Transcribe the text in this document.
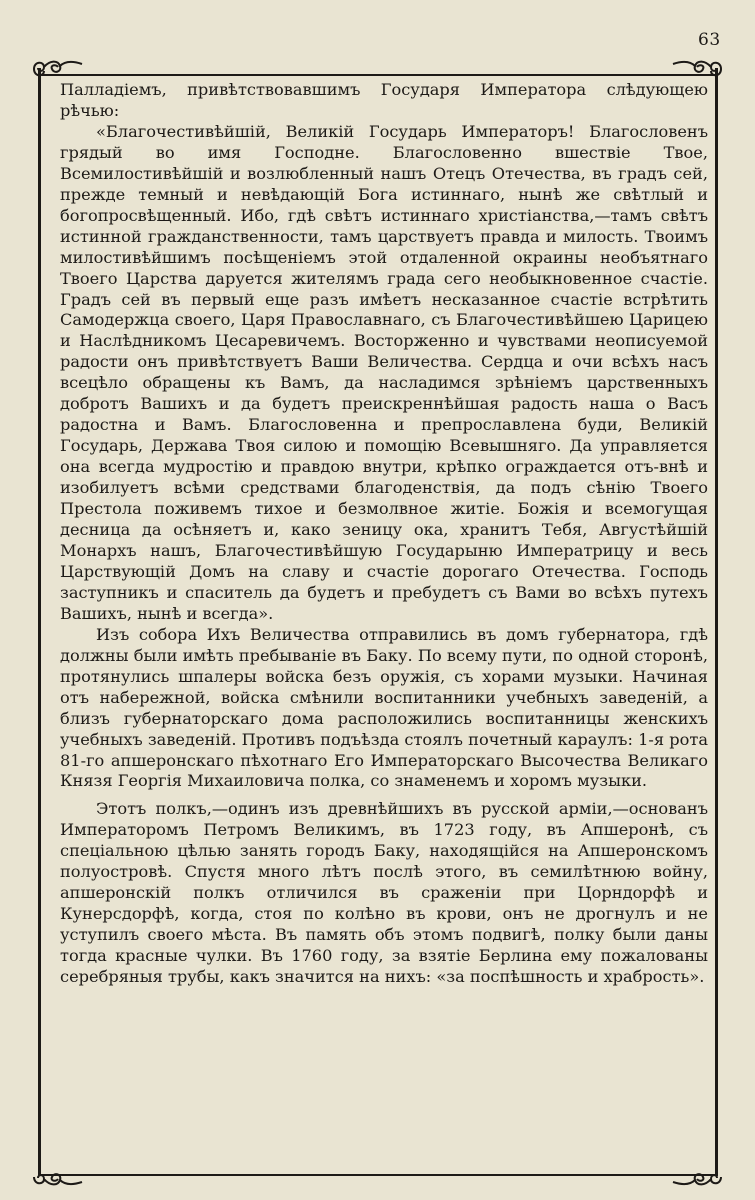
63

Палладіемъ, привѣтствовавшимъ Государя Императора слѣдующею рѣчью:

«Благочестивѣйшій, Великій Государь Императоръ! Благословенъ грядый во имя Господне. Благословенно вшествіе Твое, Всемилостивѣйшій и возлюбленный нашъ Отецъ Отечества, въ градъ сей, прежде темный и невѣдающій Бога истиннаго, нынѣ же свѣтлый и богопросвѣщенный. Ибо, гдѣ свѣтъ истиннаго христіанства,—тамъ свѣтъ истинной гражданственности, тамъ царствуетъ правда и милость. Твоимъ милостивѣйшимъ посѣщеніемъ этой отдаленной окраины необъятнаго Твоего Царства даруется жителямъ града сего необыкновенное счастіе. Градъ сей въ первый еще разъ имѣетъ несказанное счастіе встрѣтить Самодержца своего, Царя Православнаго, съ Благочестивѣйшею Царицею и Наслѣдникомъ Цесаревичемъ. Восторженно и чувствами неописуемой радости онъ привѣтствуетъ Ваши Величества. Сердца и очи всѣхъ насъ всецѣло обращены къ Вамъ, да насладимся зрѣніемъ царственныхъ добротъ Вашихъ и да будетъ преискреннѣйшая радость наша о Васъ радостна и Вамъ. Благословенна и препрославлена буди, Великій Государь, Держава Твоя силою и помощію Всевышняго. Да управляется она всегда мудростію и правдою внутри, крѣпко ограждается отъ-внѣ и изобилуетъ всѣми средствами благоденствія, да подъ сѣнію Твоего Престола поживемъ тихое и безмолвное житіе. Божія и всемогущая десница да осѣняетъ и, како зеницу ока, хранитъ Тебя, Августѣйшій Монархъ нашъ, Благочестивѣйшую Государыню Императрицу и весь Царствующій Домъ на славу и счастіе дорогаго Отечества. Господь заступникъ и спаситель да будетъ и пребудетъ съ Вами во всѣхъ путехъ Вашихъ, нынѣ и всегда».

Изъ собора Ихъ Величества отправились въ домъ губернатора, гдѣ должны были имѣть пребываніе въ Баку. По всему пути, по одной сторонѣ, протянулись шпалеры войска безъ оружія, съ хорами музыки. Начиная отъ набережной, войска смѣнили воспитанники учебныхъ заведеній, а близъ губернаторскаго дома расположились воспитанницы женскихъ учебныхъ заведеній. Противъ подъѣзда стоялъ почетный караулъ: 1-я рота 81-го апшеронскаго пѣхотнаго Его Императорскаго Высочества Великаго Князя Георгія Михаиловича полка, со знаменемъ и хоромъ музыки.

Этотъ полкъ,—одинъ изъ древнѣйшихъ въ русской арміи,—основанъ Императоромъ Петромъ Великимъ, въ 1723 году, въ Апшеронѣ, съ спеціальною цѣлью занять городъ Баку, находящійся на Апшеронскомъ полуостровѣ. Спустя много лѣтъ послѣ этого, въ семилѣтнюю войну, апшеронскій полкъ отличился въ сраженіи при Цорндорфѣ и Кунерсдорфѣ, когда, стоя по колѣно въ крови, онъ не дрогнулъ и не уступилъ своего мѣста. Въ память объ этомъ подвигѣ, полку были даны тогда красные чулки. Въ 1760 году, за взятіе Берлина ему пожалованы серебряныя трубы, какъ значится на нихъ: «за поспѣшность и храбрость».
